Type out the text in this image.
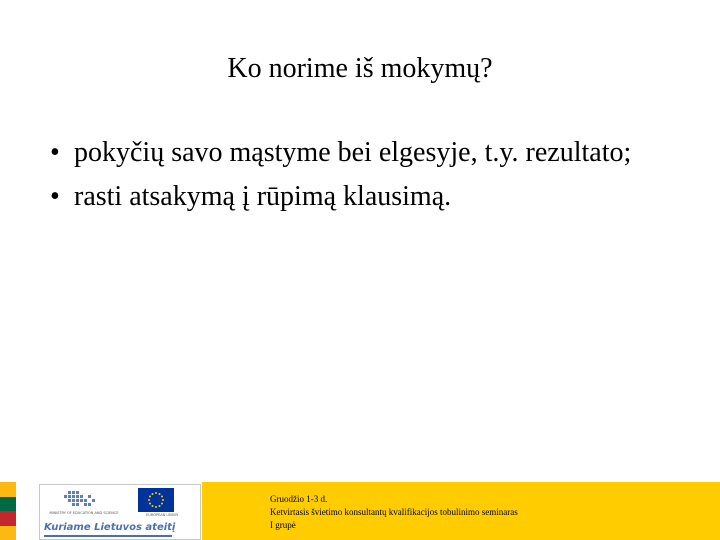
Ko norime iš mokymų?
• pokyčių savo mąstyme bei elgesyje, t.y. rezultato;
• rasti atsakymą į rūpimą klausimą.
MINISTRY OF EDUCATION AND SCIENCE	EUROPEAN UNION
Kuriame Lietuvos ateitį
Gruodžio 1-3 d.
Ketvirtasis švietimo konsultantų kvalifikacijos tobulinimo seminaras
I grupė
